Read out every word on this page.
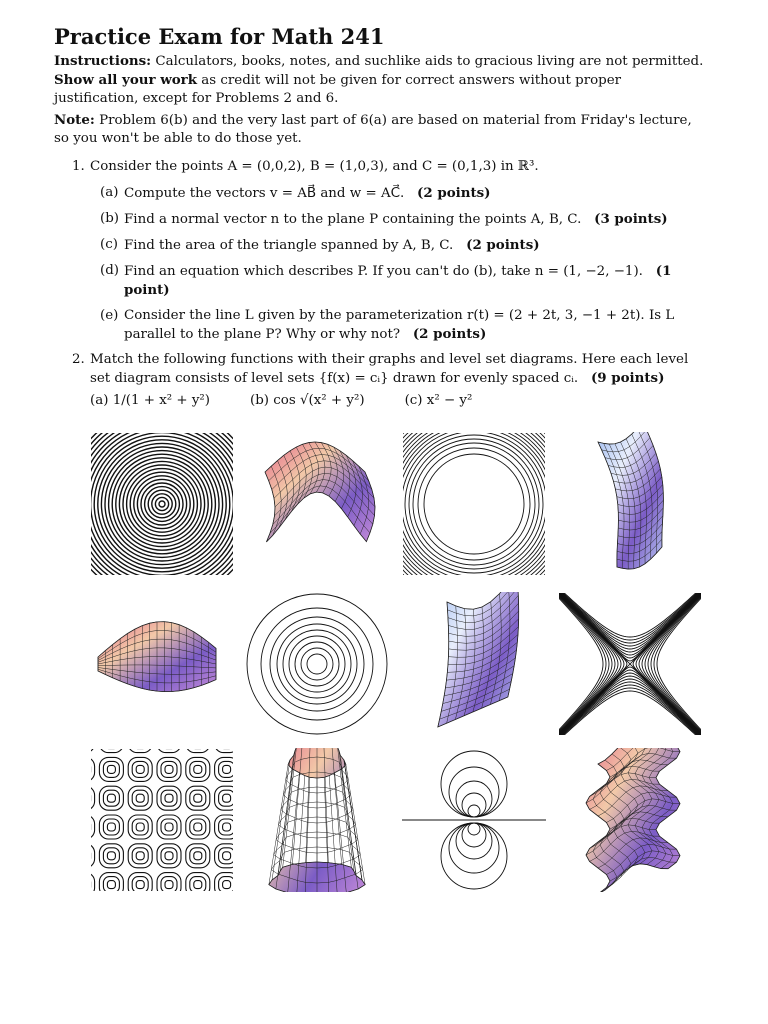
Practice Exam for Math 241

Instructions: Calculators, books, notes, and suchlike aids to gracious living are not permitted. Show all your work as credit will not be given for correct answers without proper justification, except for Problems 2 and 6.

Note: Problem 6(b) and the very last part of 6(a) are based on material from Friday's lecture, so you won't be able to do those yet.

1. Consider the points A = (0,0,2), B = (1,0,3), and C = (0,1,3) in ℝ³.
(a) Compute the vectors v = AB⃗ and w = AC⃗. (2 points)
(b) Find a normal vector n to the plane P containing the points A, B, C. (3 points)
(c) Find the area of the triangle spanned by A, B, C. (2 points)
(d) Find an equation which describes P. If you can't do (b), take n = (1, −2, −1). (1 point)
(e) Consider the line L given by the parameterization r(t) = (2 + 2t, 3, −1 + 2t). Is L parallel to the plane P? Why or why not? (2 points)
2. Match the following functions with their graphs and level set diagrams. Here each level set diagram consists of level sets {f(x) = cᵢ} drawn for evenly spaced cᵢ. (9 points)
(a) 1/(1 + x² + y²)	(b) cos √(x² + y²)	(c) x² − y²
